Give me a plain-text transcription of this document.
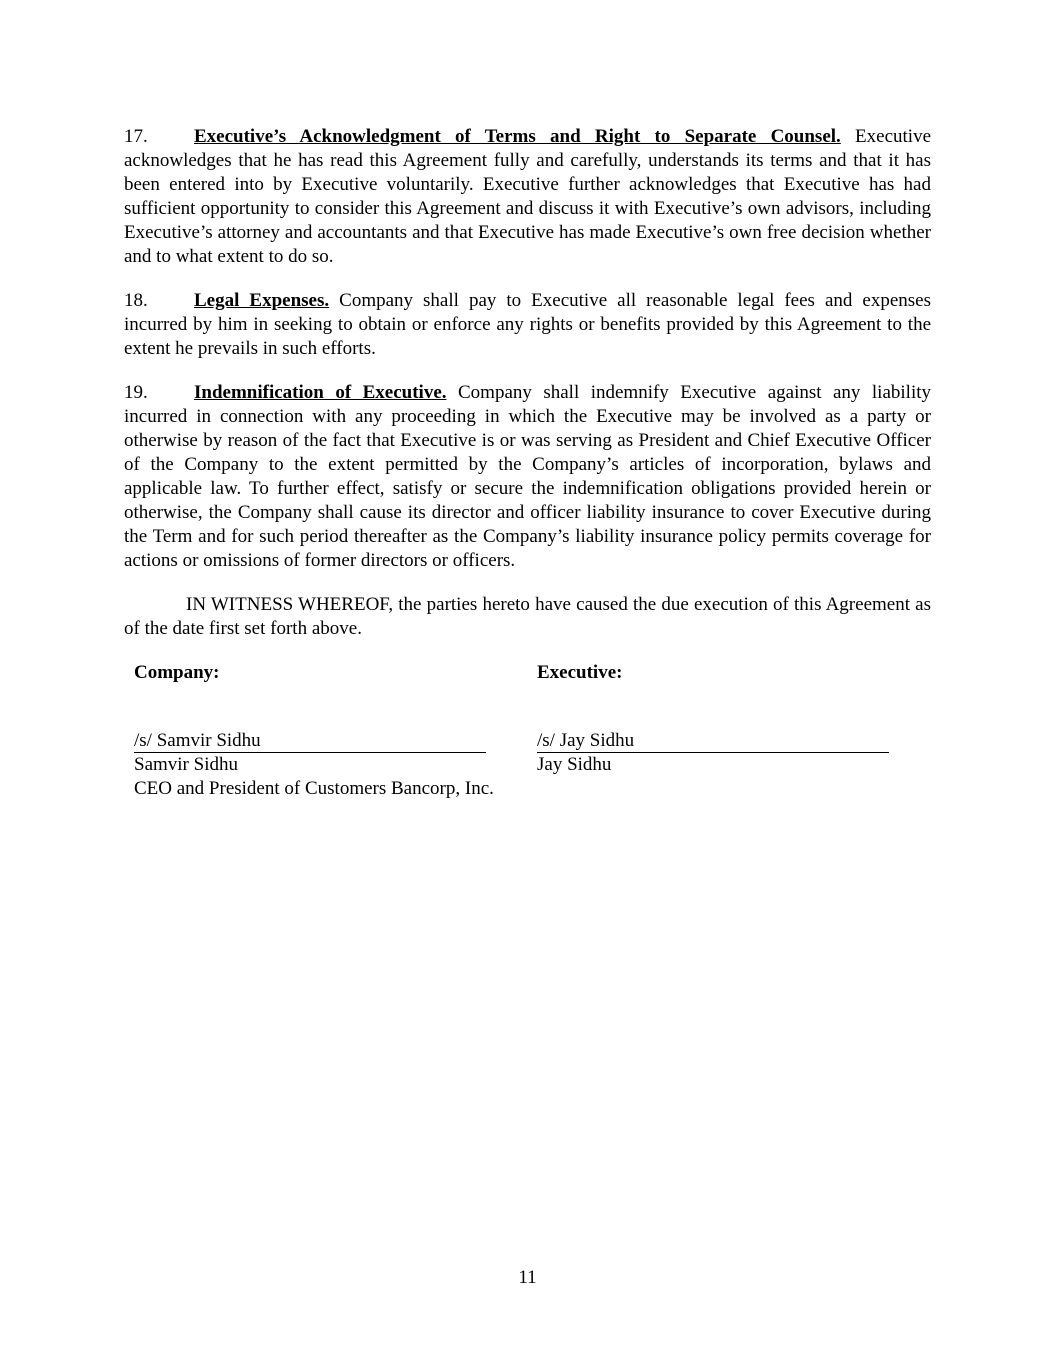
17. Executive’s Acknowledgment of Terms and Right to Separate Counsel. Executive acknowledges that he has read this Agreement fully and carefully, understands its terms and that it has been entered into by Executive voluntarily. Executive further acknowledges that Executive has had sufficient opportunity to consider this Agreement and discuss it with Executive’s own advisors, including Executive’s attorney and accountants and that Executive has made Executive’s own free decision whether and to what extent to do so.

18. Legal Expenses. Company shall pay to Executive all reasonable legal fees and expenses incurred by him in seeking to obtain or enforce any rights or benefits provided by this Agreement to the extent he prevails in such efforts.

19. Indemnification of Executive. Company shall indemnify Executive against any liability incurred in connection with any proceeding in which the Executive may be involved as a party or otherwise by reason of the fact that Executive is or was serving as President and Chief Executive Officer of the Company to the extent permitted by the Company’s articles of incorporation, bylaws and applicable law. To further effect, satisfy or secure the indemnification obligations provided herein or otherwise, the Company shall cause its director and officer liability insurance to cover Executive during the Term and for such period thereafter as the Company’s liability insurance policy permits coverage for actions or omissions of former directors or officers.

IN WITNESS WHEREOF, the parties hereto have caused the due execution of this Agreement as of the date first set forth above.

Company:

/s/ Samvir Sidhu
Samvir Sidhu
CEO and President of Customers Bancorp, Inc.

Executive:

/s/ Jay Sidhu
Jay Sidhu
11
